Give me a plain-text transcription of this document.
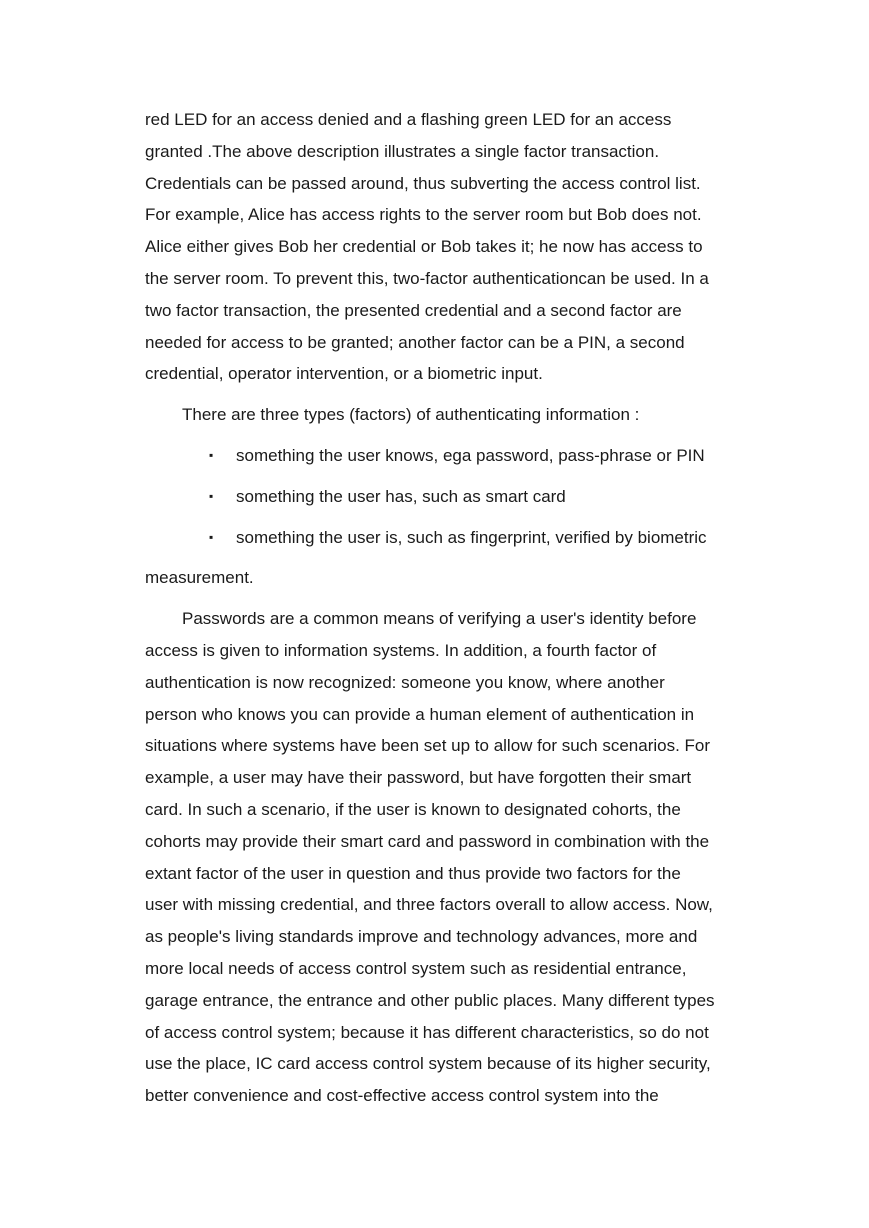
red LED for an access denied and a flashing green LED for an access
granted .The above description illustrates a single factor transaction.
Credentials can be passed around, thus subverting the access control list.
For example, Alice has access rights to the server room but Bob does not.
Alice either gives Bob her credential or Bob takes it; he now has access to
the server room. To prevent this, two-factor authenticationcan be used. In a
two factor transaction, the presented credential and a second factor are
needed for access to be granted; another factor can be a PIN, a second
credential, operator intervention, or a biometric input.
There are three types (factors) of authenticating information :
▪ something the user knows, ega password, pass-phrase or PIN
▪ something the user has, such as smart card
▪ something the user is, such as fingerprint, verified by biometric
measurement.
Passwords are a common means of verifying a user's identity before
access is given to information systems. In addition, a fourth factor of
authentication is now recognized: someone you know, where another
person who knows you can provide a human element of authentication in
situations where systems have been set up to allow for such scenarios. For
example, a user may have their password, but have forgotten their smart
card. In such a scenario, if the user is known to designated cohorts, the
cohorts may provide their smart card and password in combination with the
extant factor of the user in question and thus provide two factors for the
user with missing credential, and three factors overall to allow access. Now,
as people's living standards improve and technology advances, more and
more local needs of access control system such as residential entrance,
garage entrance, the entrance and other public places. Many different types
of access control system; because it has different characteristics, so do not
use the place, IC card access control system because of its higher security,
better convenience and cost-effective access control system into the
